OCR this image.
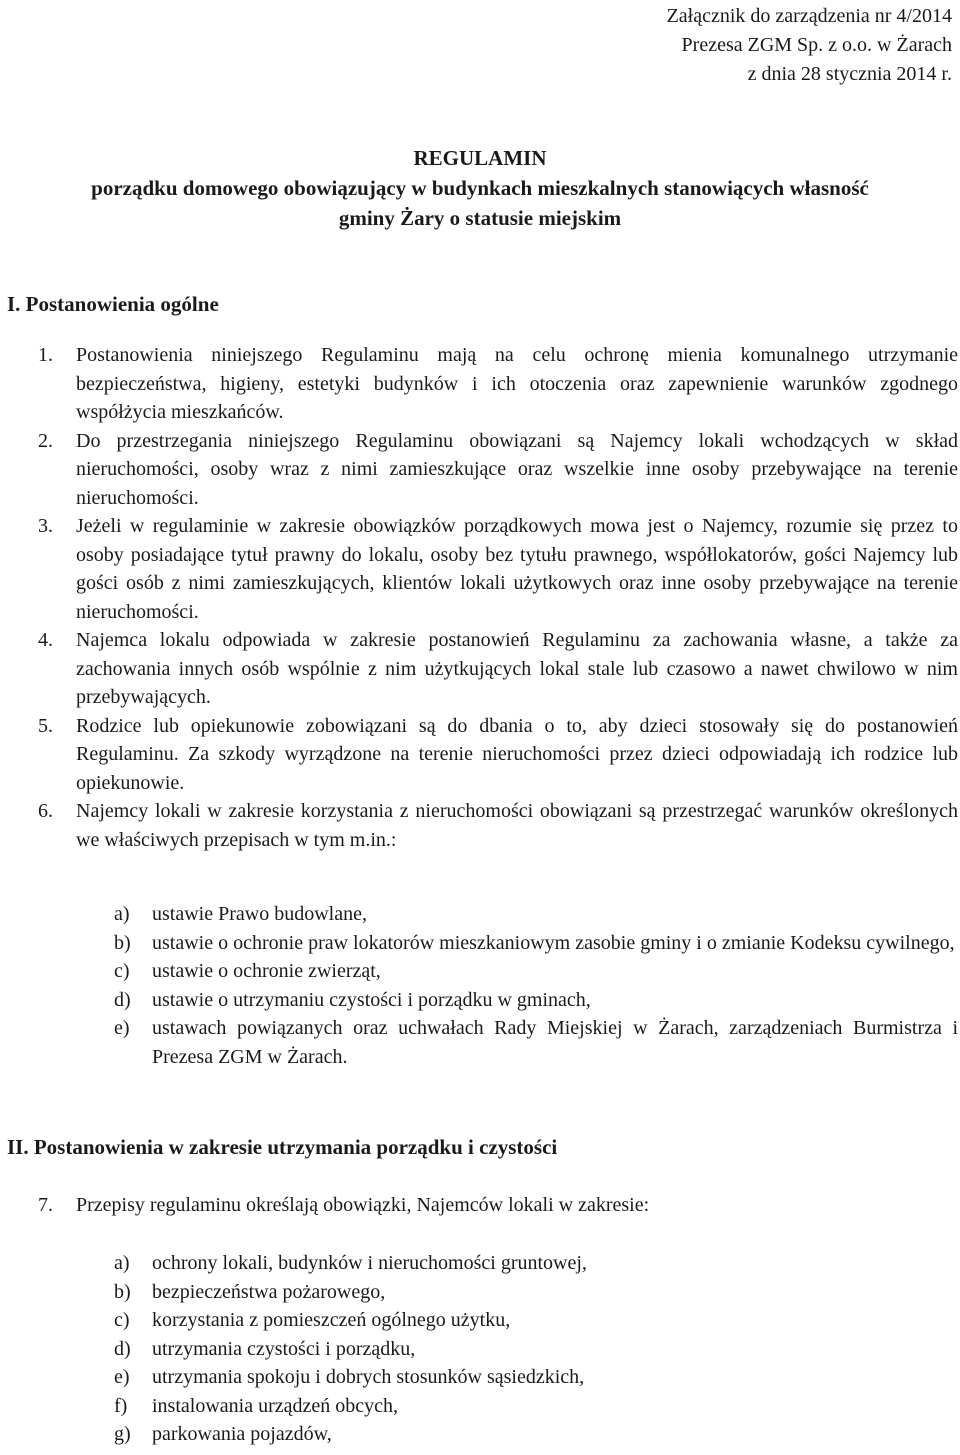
Załącznik do zarządzenia nr 4/2014
Prezesa ZGM Sp. z o.o. w Żarach
z dnia 28 stycznia 2014 r.
REGULAMIN
porządku domowego obowiązujący w budynkach mieszkalnych stanowiących własność
gminy Żary o statusie miejskim
I. Postanowienia ogólne
1.	Postanowienia niniejszego Regulaminu mają na celu ochronę mienia komunalnego utrzymanie bezpieczeństwa, higieny, estetyki budynków i ich otoczenia oraz zapewnienie warunków zgodnego współżycia mieszkańców.
2.	Do przestrzegania niniejszego Regulaminu obowiązani są Najemcy lokali wchodzących w skład nieruchomości, osoby wraz z nimi zamieszkujące oraz wszelkie inne osoby przebywające na terenie nieruchomości.
3.	Jeżeli w regulaminie w zakresie obowiązków porządkowych mowa jest o Najemcy, rozumie się przez to osoby posiadające tytuł prawny do lokalu, osoby bez tytułu prawnego, współlokatorów, gości Najemcy lub gości osób z nimi zamieszkujących, klientów lokali użytkowych oraz inne osoby przebywające na terenie nieruchomości.
4.	Najemca lokalu odpowiada w zakresie postanowień Regulaminu za zachowania własne, a także za zachowania innych osób wspólnie z nim użytkujących lokal stale lub czasowo a nawet chwilowo w nim przebywających.
5.	Rodzice lub opiekunowie zobowiązani są do dbania o to, aby dzieci stosowały się do postanowień Regulaminu. Za szkody wyrządzone na terenie nieruchomości przez dzieci odpowiadają ich rodzice lub opiekunowie.
6.	Najemcy lokali w zakresie korzystania z nieruchomości obowiązani są przestrzegać warunków określonych we właściwych przepisach w tym m.in.:
a)	ustawie Prawo budowlane,
b)	ustawie o ochronie praw lokatorów mieszkaniowym zasobie gminy i o zmianie Kodeksu cywilnego,
c)	ustawie o ochronie zwierząt,
d)	ustawie o utrzymaniu czystości i porządku w gminach,
e)	ustawach powiązanych oraz uchwałach Rady Miejskiej w Żarach, zarządzeniach Burmistrza i Prezesa ZGM w Żarach.
II. Postanowienia w zakresie utrzymania porządku i czystości
7.	Przepisy regulaminu określają obowiązki, Najemców lokali w zakresie:
a)	ochrony lokali, budynków i nieruchomości gruntowej,
b)	bezpieczeństwa pożarowego,
c)	korzystania z pomieszczeń ogólnego użytku,
d)	utrzymania czystości i porządku,
e)	utrzymania spokoju i dobrych stosunków sąsiedzkich,
f)	instalowania urządzeń obcych,
g)	parkowania pojazdów,
